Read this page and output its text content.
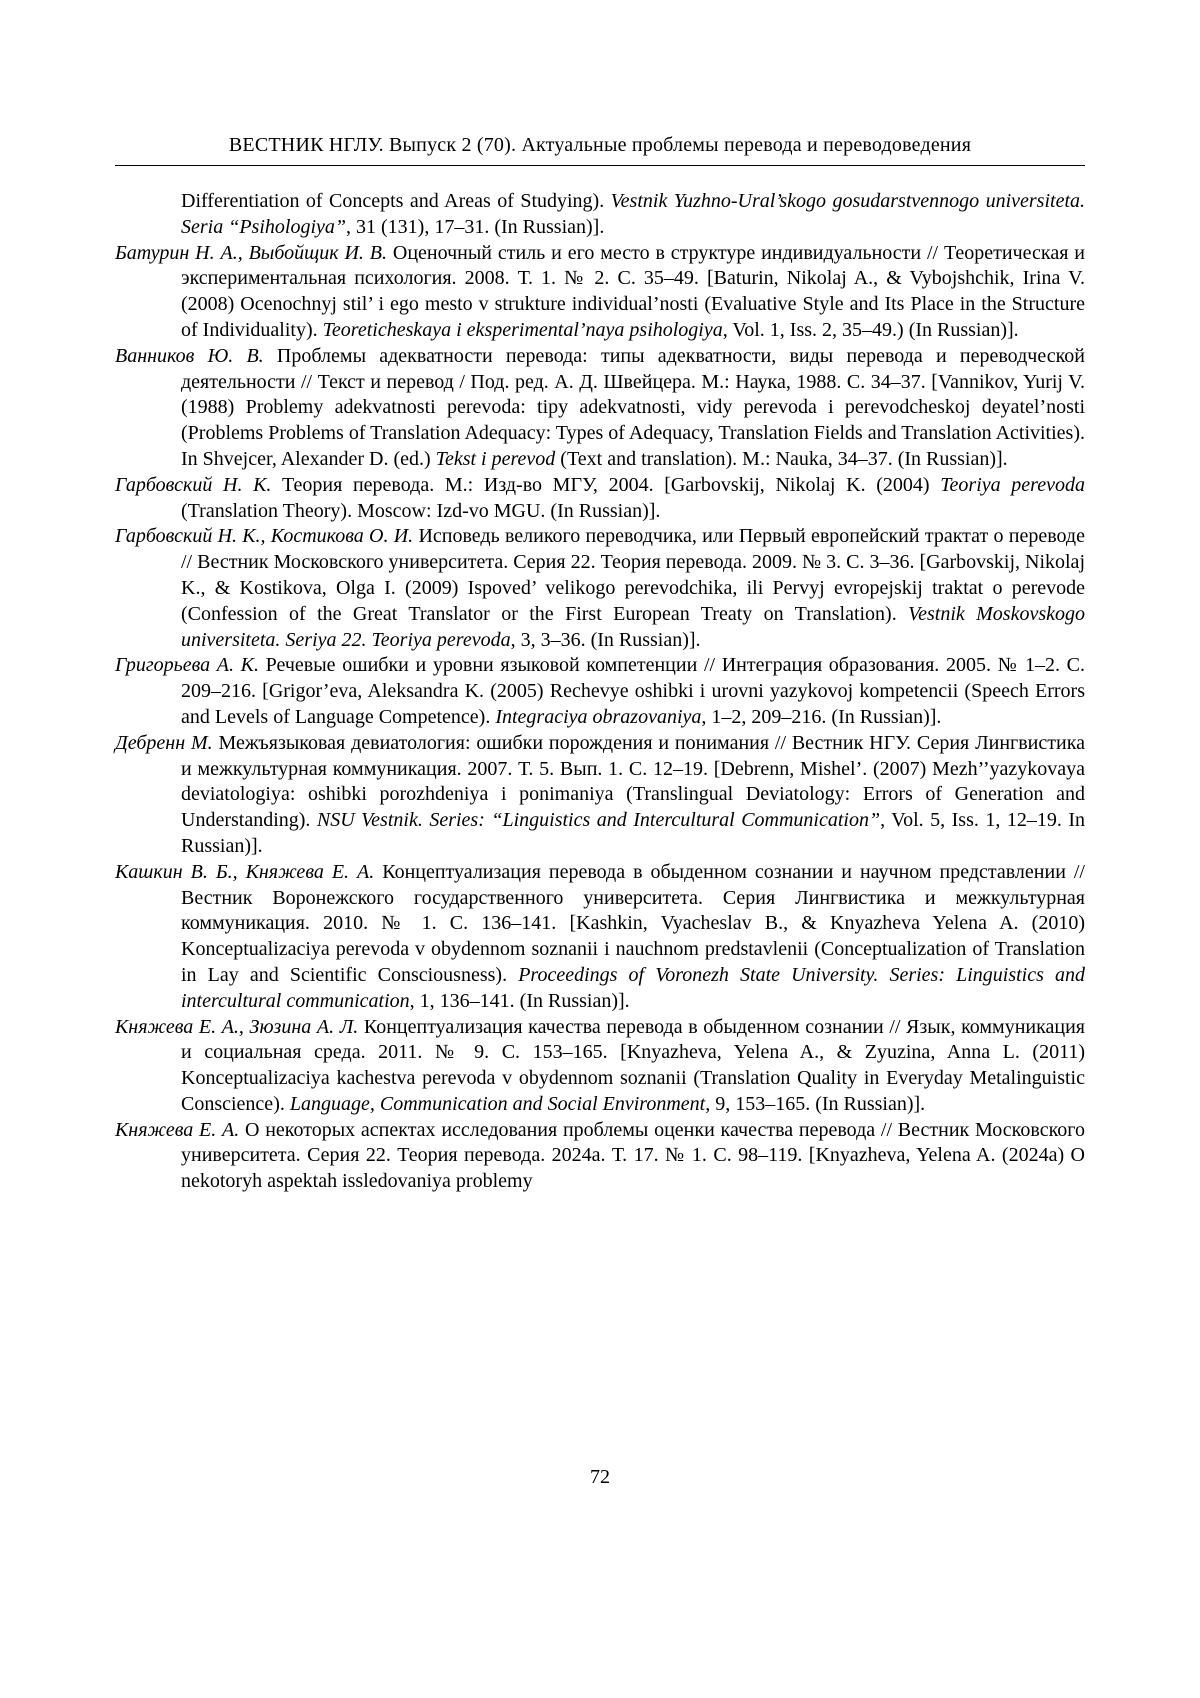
ВЕСТНИК НГЛУ. Выпуск 2 (70). Актуальные проблемы перевода и переводоведения

Differentiation of Concepts and Areas of Studying). Vestnik Yuzhno-Ural’skogo gosudarstvennogo universiteta. Seria “Psihologiya”, 31 (131), 17–31. (In Russian)].

Батурин Н. А., Выбойщик И. В. Оценочный стиль и его место в структуре индивидуальности // Теоретическая и экспериментальная психология. 2008. Т. 1. № 2. С. 35–49. [Baturin, Nikolaj A., & Vybojshchik, Irina V. (2008) Ocenochnyj stil’ i ego mesto v strukture individual’nosti (Evaluative Style and Its Place in the Structure of Individuality). Teoreticheskaya i eksperimental’naya psihologiya, Vol. 1, Iss. 2, 35–49.) (In Russian)].

Ванников Ю. В. Проблемы адекватности перевода: типы адекватности, виды перевода и переводческой деятельности // Текст и перевод / Под. ред. А. Д. Швейцера. М.: Наука, 1988. С. 34–37. [Vannikov, Yurij V. (1988) Problemy adekvatnosti perevoda: tipy adekvatnosti, vidy perevoda i perevodcheskoj deyatel’nosti (Problems Problems of Translation Adequacy: Types of Adequacy, Translation Fields and Translation Activities). In Shvejcer, Alexander D. (ed.) Tekst i perevod (Text and translation). М.: Nauka, 34–37. (In Russian)].

Гарбовский Н. К. Теория перевода. М.: Изд-во МГУ, 2004. [Garbovskij, Nikolaj K. (2004) Teoriya perevoda (Translation Theory). Moscow: Izd-vo MGU. (In Russian)].

Гарбовский Н. К., Костикова О. И. Исповедь великого переводчика, или Первый европейский трактат о переводе // Вестник Московского университета. Серия 22. Теория перевода. 2009. № 3. С. 3–36. [Garbovskij, Nikolaj K., & Kostikova, Olga I. (2009) Ispoved’ velikogo perevodchika, ili Pervyj evropejskij traktat o perevode (Confession of the Great Translator or the First European Treaty on Translation). Vestnik Moskovskogo universiteta. Seriya 22. Teoriya perevoda, 3, 3–36. (In Russian)].

Григорьева А. К. Речевые ошибки и уровни языковой компетенции // Интеграция образования. 2005. № 1–2. С. 209–216. [Grigor’eva, Aleksandra K. (2005) Rechevye oshibki i urovni yazykovoj kompetencii (Speech Errors and Levels of Language Competence). Integraciya obrazovaniya, 1–2, 209–216. (In Russian)].

Дебренн М. Межъязыковая девиатология: ошибки порождения и понимания // Вестник НГУ. Серия Лингвистика и межкультурная коммуникация. 2007. Т. 5. Вып. 1. С. 12–19. [Debrenn, Mishel’. (2007) Mezh’’yazykovaya deviatologiya: oshibki porozhdeniya i ponimaniya (Translingual Deviatology: Errors of Generation and Understanding). NSU Vestnik. Series: “Linguistics and Intercultural Communication”, Vol. 5, Iss. 1, 12–19. In Russian)].

Кашкин В. Б., Княжева Е. А. Концептуализация перевода в обыденном сознании и научном представлении // Вестник Воронежского государственного университета. Серия Лингвистика и межкультурная коммуникация. 2010. № 1. С. 136–141. [Kashkin, Vyacheslav B., & Knyazheva Yelena A. (2010) Konceptualizaciya perevoda v obydennom soznanii i nauchnom predstavlenii (Conceptualization of Translation in Lay and Scientific Consciousness). Proceedings of Voronezh State University. Series: Linguistics and intercultural communication, 1, 136–141. (In Russian)].

Княжева Е. А., Зюзина А. Л. Концептуализация качества перевода в обыденном сознании // Язык, коммуникация и социальная среда. 2011. № 9. С. 153–165. [Knyazheva, Yelena A., & Zyuzina, Anna L. (2011) Konceptualizaciya kachestva perevoda v obydennom soznanii (Translation Quality in Everyday Metalinguistic Conscience). Language, Communication and Social Environment, 9, 153–165. (In Russian)].

Княжева Е. А. О некоторых аспектах исследования проблемы оценки качества перевода // Вестник Московского университета. Серия 22. Теория перевода. 2024а. Т. 17. № 1. С. 98–119. [Knyazheva, Yelena A. (2024a) O nekotoryh aspektah issledovaniya problemy

72
